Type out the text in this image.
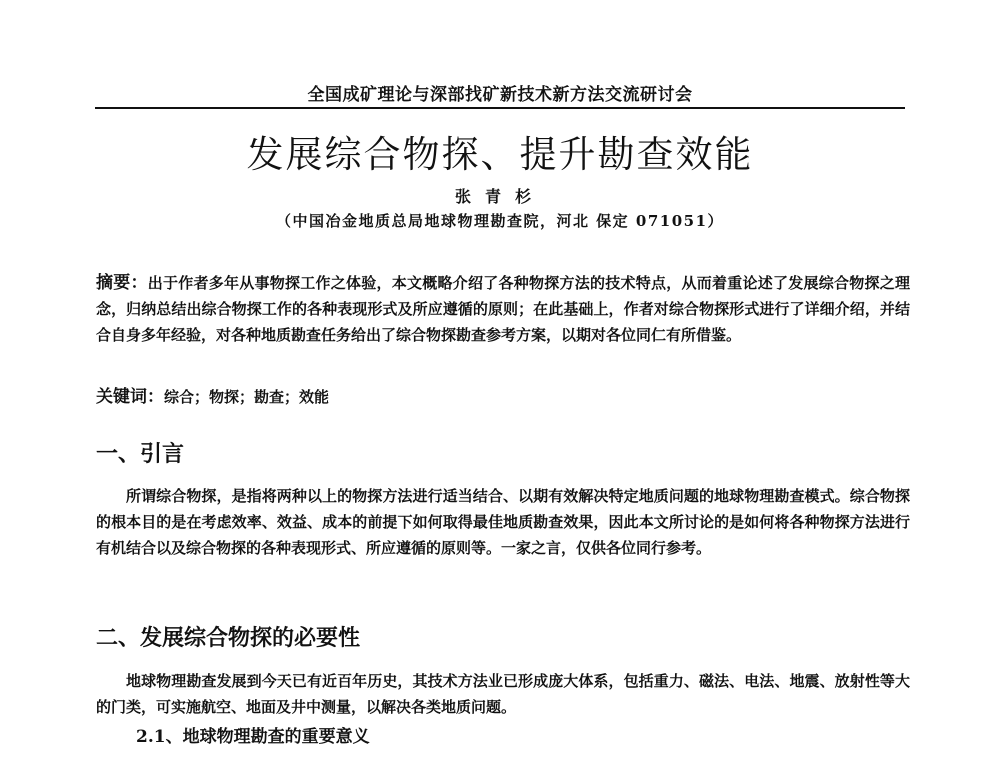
全国成矿理论与深部找矿新技术新方法交流研讨会
发展综合物探、提升勘查效能
张青杉
（中国冶金地质总局地球物理勘查院，河北 保定 071051）

摘要：出于作者多年从事物探工作之体验，本文概略介绍了各种物探方法的技术特点，从而着重论述了发展综合物探之理念，归纳总结出综合物探工作的各种表现形式及所应遵循的原则；在此基础上，作者对综合物探形式进行了详细介绍，并结合自身多年经验，对各种地质勘查任务给出了综合物探勘查参考方案，以期对各位同仁有所借鉴。

关键词：综合；物探；勘查；效能

一、引言

所谓综合物探，是指将两种以上的物探方法进行适当结合、以期有效解决特定地质问题的地球物理勘查模式。综合物探的根本目的是在考虑效率、效益、成本的前提下如何取得最佳地质勘查效果，因此本文所讨论的是如何将各种物探方法进行有机结合以及综合物探的各种表现形式、所应遵循的原则等。一家之言，仅供各位同行参考。

二、发展综合物探的必要性

地球物理勘查发展到今天已有近百年历史，其技术方法业已形成庞大体系，包括重力、磁法、电法、地震、放射性等大的门类，可实施航空、地面及井中测量，以解决各类地质问题。

2.1、地球物理勘查的重要意义
